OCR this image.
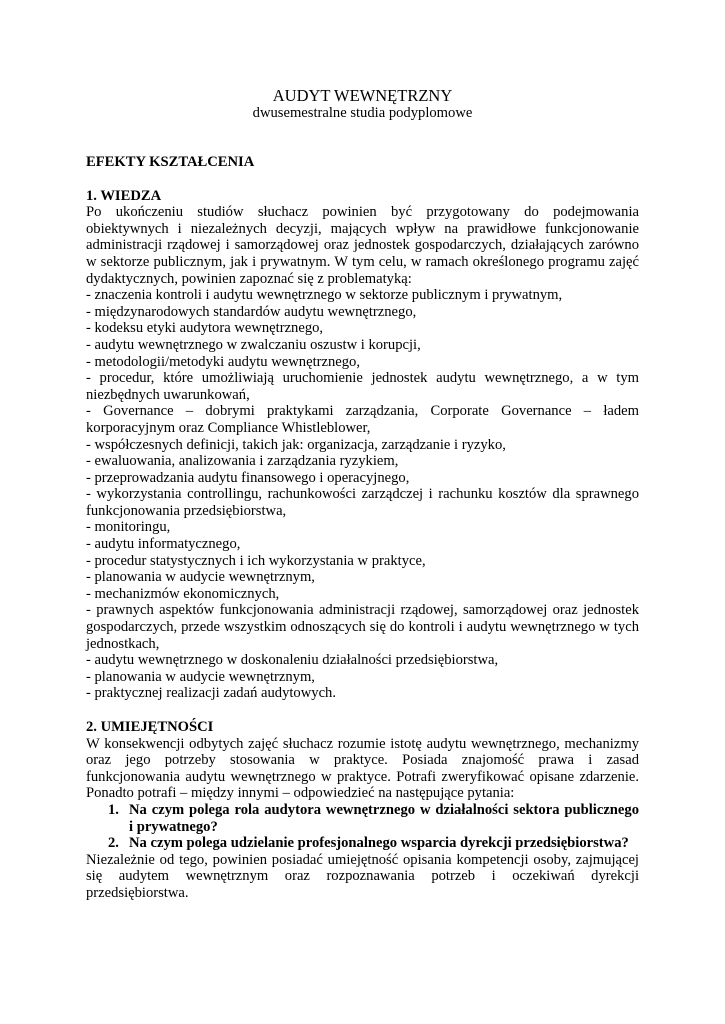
AUDYT WEWNĘTRZNY

dwusemestralne studia podyplomowe

EFEKTY KSZTAŁCENIA

1. WIEDZA

Po ukończeniu studiów słuchacz powinien być przygotowany do podejmowania
obiektywnych i niezależnych decyzji, mających wpływ na prawidłowe funkcjonowanie
administracji rządowej i samorządowej oraz jednostek gospodarczych, działających zarówno
w sektorze publicznym, jak i prywatnym. W tym celu, w ramach określonego programu zajęć
dydaktycznych, powinien zapoznać się z problematyką:
- znaczenia kontroli i audytu wewnętrznego w sektorze publicznym i prywatnym,
- międzynarodowych standardów audytu wewnętrznego,
- kodeksu etyki audytora wewnętrznego,
- audytu wewnętrznego w zwalczaniu oszustw i korupcji,
- metodologii/metodyki audytu wewnętrznego,
- procedur, które umożliwiają uruchomienie jednostek audytu wewnętrznego, a w tym
niezbędnych uwarunkowań,
- Governance – dobrymi praktykami zarządzania, Corporate Governance – ładem
korporacyjnym oraz Compliance Whistleblower,
- współczesnych definicji, takich jak: organizacja, zarządzanie i ryzyko,
- ewaluowania, analizowania i zarządzania ryzykiem,
- przeprowadzania audytu finansowego i operacyjnego,
- wykorzystania controllingu, rachunkowości zarządczej i rachunku kosztów dla sprawnego
funkcjonowania przedsiębiorstwa,
- monitoringu,
- audytu informatycznego,
- procedur statystycznych i ich wykorzystania w praktyce,
- planowania w audycie wewnętrznym,
- mechanizmów ekonomicznych,
- prawnych aspektów funkcjonowania administracji rządowej, samorządowej oraz jednostek
gospodarczych, przede wszystkim odnoszących się do kontroli i audytu wewnętrznego w tych
jednostkach,
- audytu wewnętrznego w doskonaleniu działalności przedsiębiorstwa,
- planowania w audycie wewnętrznym,
- praktycznej realizacji zadań audytowych.

2. UMIEJĘTNOŚCI

W konsekwencji odbytych zajęć słuchacz rozumie istotę audytu wewnętrznego, mechanizmy
oraz jego potrzeby stosowania w praktyce. Posiada znajomość prawa i zasad
funkcjonowania audytu wewnętrznego w praktyce. Potrafi zweryfikować opisane zdarzenie.
Ponadto potrafi – między innymi – odpowiedzieć na następujące pytania:
1. Na czym polega rola audytora wewnętrznego w działalności sektora publicznego
i prywatnego?
2. Na czym polega udzielanie profesjonalnego wsparcia dyrekcji przedsiębiorstwa?
Niezależnie od tego, powinien posiadać umiejętność opisania kompetencji osoby, zajmującej
się audytem wewnętrznym oraz rozpoznawania potrzeb i oczekiwań dyrekcji
przedsiębiorstwa.
